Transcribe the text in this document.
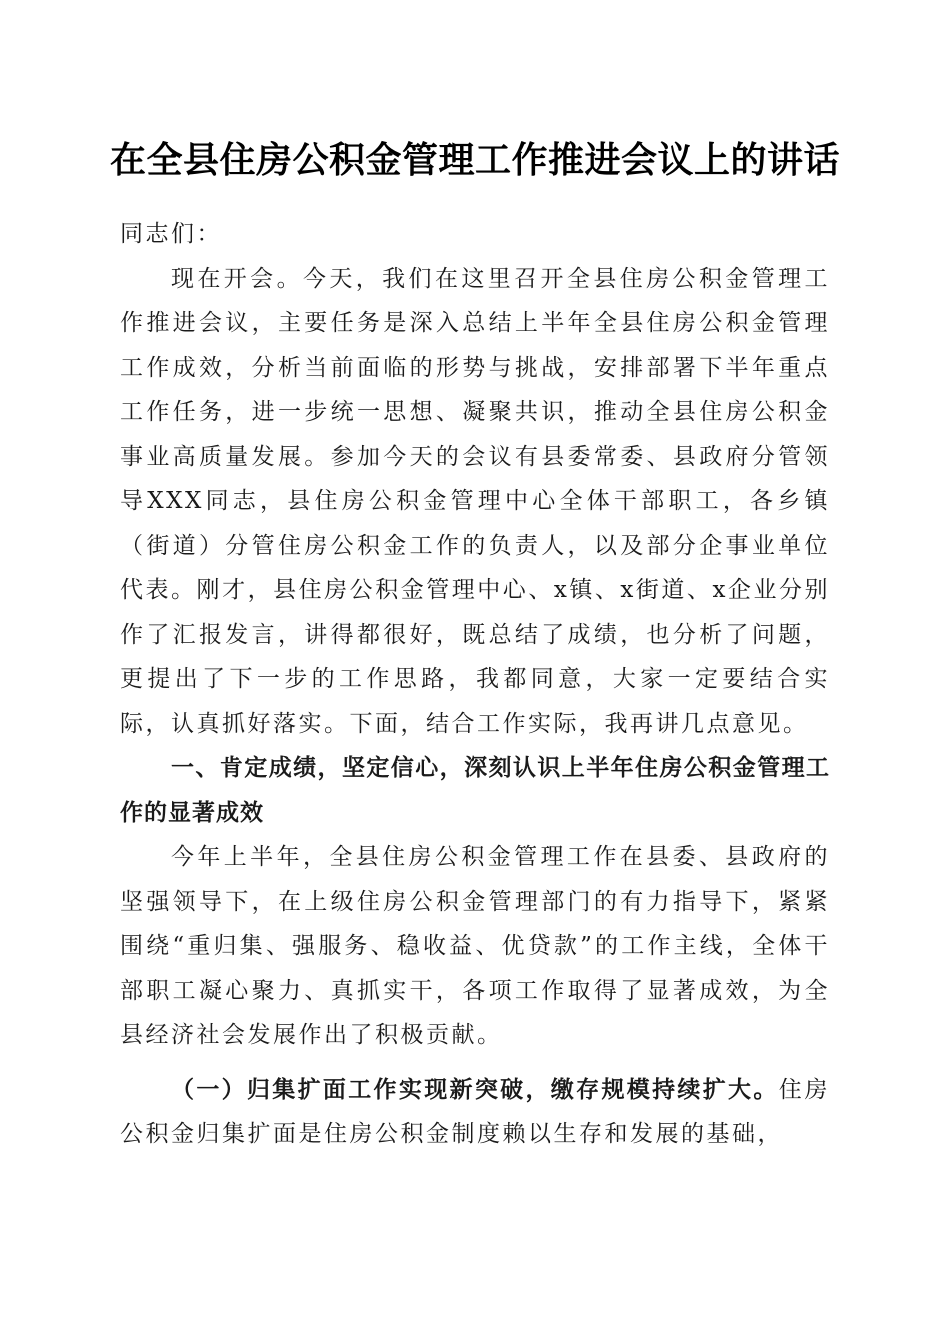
在全县住房公积金管理工作推进会议上的讲话

同志们：

现在开会。今天，我们在这里召开全县住房公积金管理工作推进会议，主要任务是深入总结上半年全县住房公积金管理工作成效，分析当前面临的形势与挑战，安排部署下半年重点工作任务，进一步统一思想、凝聚共识，推动全县住房公积金事业高质量发展。参加今天的会议有县委常委、县政府分管领导XXX同志，县住房公积金管理中心全体干部职工，各乡镇（街道）分管住房公积金工作的负责人，以及部分企事业单位代表。刚才，县住房公积金管理中心、x镇、x街道、x企业分别作了汇报发言，讲得都很好，既总结了成绩，也分析了问题，更提出了下一步的工作思路，我都同意，大家一定要结合实际，认真抓好落实。下面，结合工作实际，我再讲几点意见。

一、肯定成绩，坚定信心，深刻认识上半年住房公积金管理工作的显著成效

今年上半年，全县住房公积金管理工作在县委、县政府的坚强领导下，在上级住房公积金管理部门的有力指导下，紧紧围绕“重归集、强服务、稳收益、优贷款”的工作主线，全体干部职工凝心聚力、真抓实干，各项工作取得了显著成效，为全县经济社会发展作出了积极贡献。

（一）归集扩面工作实现新突破，缴存规模持续扩大。住房公积金归集扩面是住房公积金制度赖以生存和发展的基础，
